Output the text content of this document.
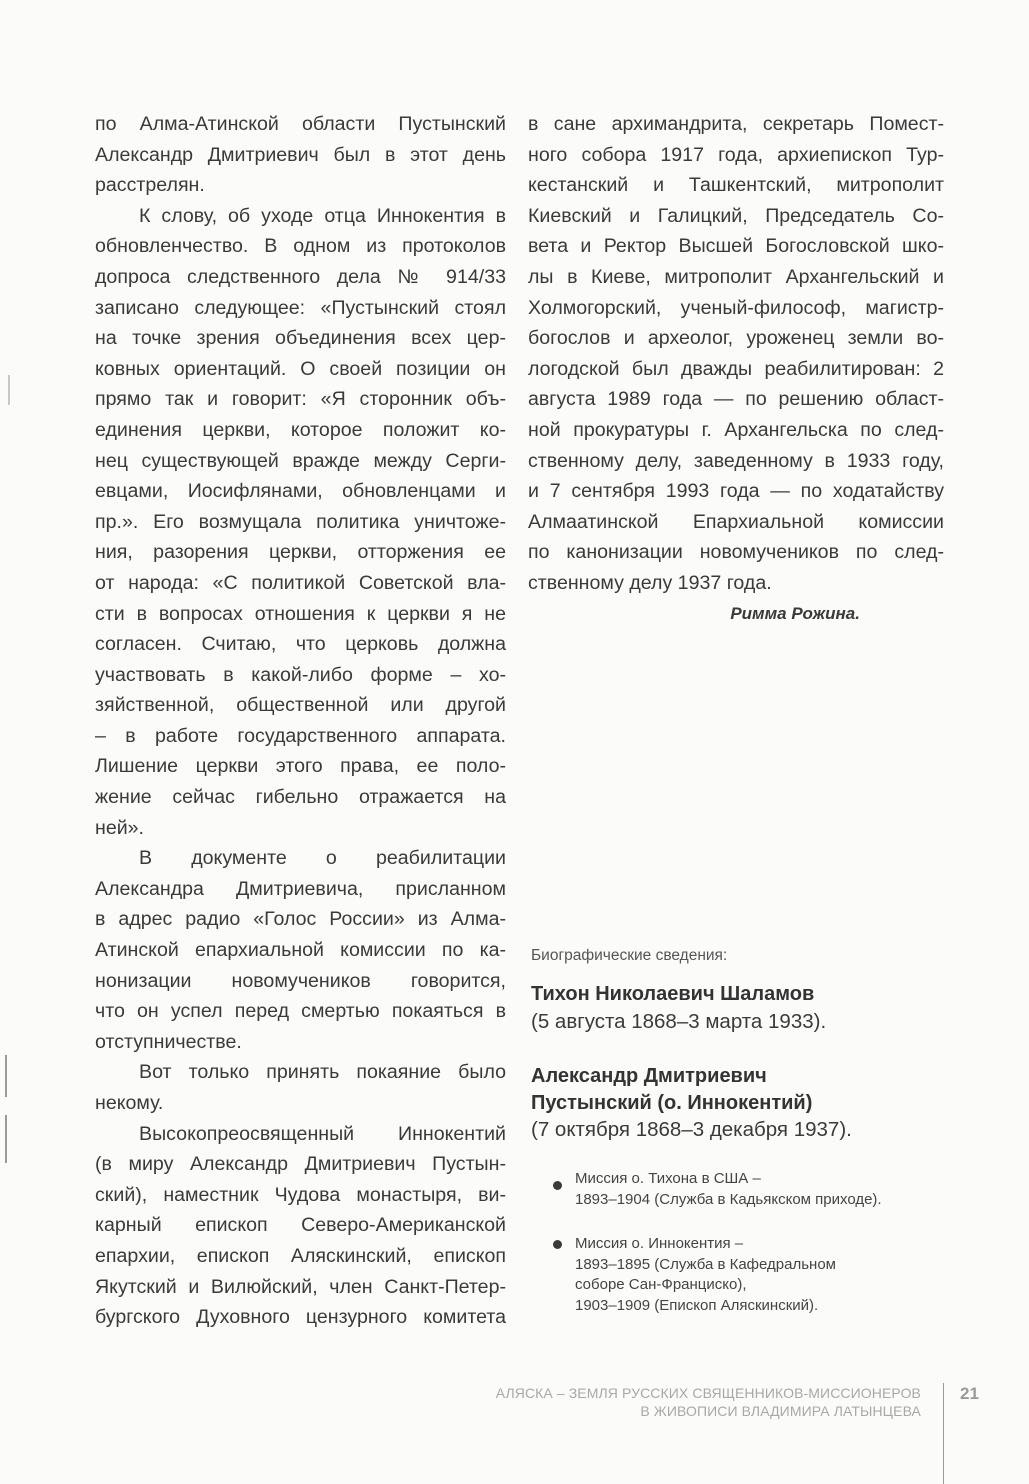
по Алма-Атинской области Пустынский
Александр Дмитриевич был в этот день
расстрелян.
К слову, об уходе отца Иннокентия в
обновленчество. В одном из протоколов
допроса следственного дела № 914/33
записано следующее: «Пустынский стоял
на точке зрения объединения всех цер-
ковных ориентаций. О своей позиции он
прямо так и говорит: «Я сторонник объ-
единения церкви, которое положит ко-
нец существующей вражде между Серги-
евцами, Иосифлянами, обновленцами и
пр.». Его возмущала политика уничтоже-
ния, разорения церкви, отторжения ее
от народа: «С политикой Советской вла-
сти в вопросах отношения к церкви я не
согласен. Считаю, что церковь должна
участвовать в какой-либо форме – хо-
зяйственной, общественной или другой
– в работе государственного аппарата.
Лишение церкви этого права, ее поло-
жение сейчас гибельно отражается на
ней».
В документе о реабилитации
Александра Дмитриевича, присланном
в адрес радио «Голос России» из Алма-
Атинской епархиальной комиссии по ка-
нонизации новомучеников говорится,
что он успел перед смертью покаяться в
отступничестве.
Вот только принять покаяние было
некому.
Высокопреосвященный Иннокентий
(в миру Александр Дмитриевич Пустын-
ский), наместник Чудова монастыря, ви-
карный епископ Северо-Американской
епархии, епископ Аляскинский, епископ
Якутский и Вилюйский, член Санкт-Петер-
бургского Духовного цензурного комитета
в сане архимандрита, секретарь Помест-
ного собора 1917 года, архиепископ Тур-
кестанский и Ташкентский, митрополит
Киевский и Галицкий, Председатель Со-
вета и Ректор Высшей Богословской шко-
лы в Киеве, митрополит Архангельский и
Холмогорский, ученый-философ, магистр-
богослов и археолог, уроженец земли во-
логодской был дважды реабилитирован: 2
августа 1989 года — по решению област-
ной прокуратуры г. Архангельска по след-
ственному делу, заведенному в 1933 году,
и 7 сентября 1993 года — по ходатайству
Алмаатинской Епархиальной комиссии
по канонизации новомучеников по след-
ственному делу 1937 года.
Римма Рожина.
Биографические сведения:
Тихон Николаевич Шаламов
(5 августа 1868–3 марта 1933).
Александр Дмитриевич
Пустынский (о. Иннокентий)
(7 октября 1868–3 декабря 1937).
Миссия о. Тихона в США –
1893–1904 (Служба в Кадьякском приходе).
Миссия о. Иннокентия –
1893–1895 (Служба в Кафедральном
соборе Сан-Франциско),
1903–1909 (Епископ Аляскинский).
АЛЯСКА – ЗЕМЛЯ РУССКИХ СВЯЩЕННИКОВ-МИССИОНЕРОВ
В ЖИВОПИСИ ВЛАДИМИРА ЛАТЫНЦЕВА
21
